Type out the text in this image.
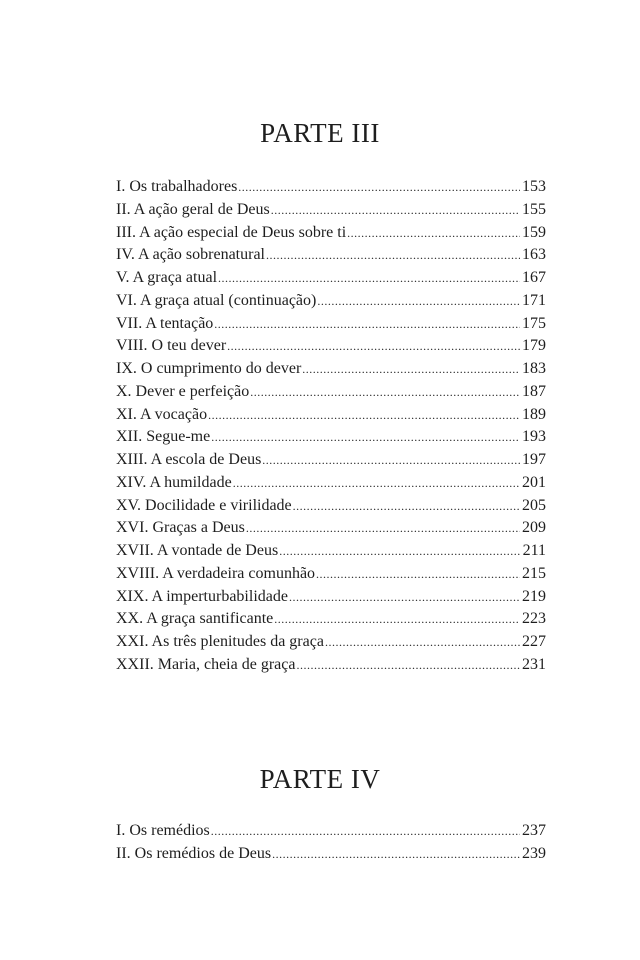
PARTE III
I. Os trabalhadores .....	153
II. A ação geral de Deus .....	155
III. A ação especial de Deus sobre ti .....	159
IV. A ação sobrenatural .....	163
V. A graça atual .....	167
VI. A graça atual (continuação) .....	171
VII. A tentação .....	175
VIII. O teu dever .....	179
IX. O cumprimento do dever .....	183
X. Dever e perfeição .....	187
XI. A vocação .....	189
XII. Segue-me .....	193
XIII. A escola de Deus .....	197
XIV. A humildade .....	201
XV. Docilidade e virilidade .....	205
XVI. Graças a Deus .....	209
XVII. A vontade de Deus .....	211
XVIII. A verdadeira comunhão .....	215
XIX. A imperturbabilidade .....	219
XX. A graça santificante .....	223
XXI. As três plenitudes da graça .....	227
XXII. Maria, cheia de graça .....	231
PARTE IV
I. Os remédios .....	237
II. Os remédios de Deus .....	239
